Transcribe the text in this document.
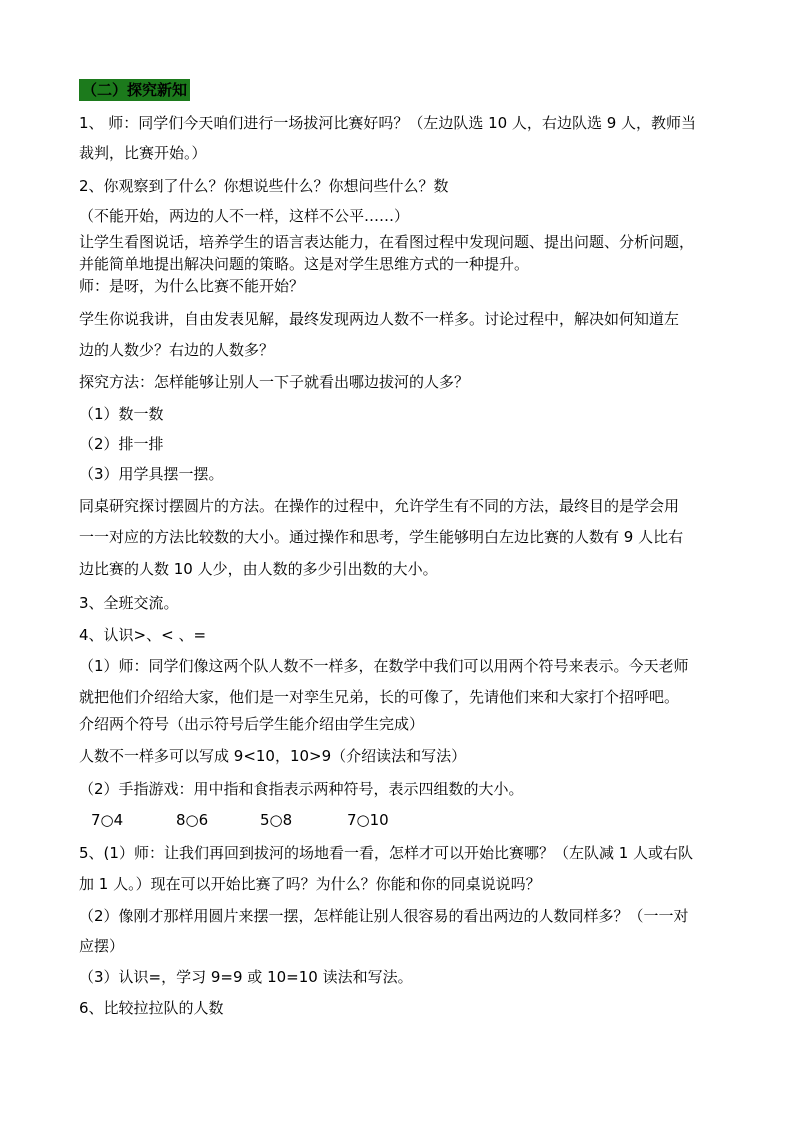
（二）探究新知
1、 师：同学们今天咱们进行一场拔河比赛好吗？（左边队选 10 人，右边队选 9 人，教师当
裁判，比赛开始。）
2、你观察到了什么？你想说些什么？你想问些什么？数
（不能开始，两边的人不一样，这样不公平……）
让学生看图说话，培养学生的语言表达能力，在看图过程中发现问题、提出问题、分析问题，
并能简单地提出解决问题的策略。这是对学生思维方式的一种提升。
师：是呀，为什么比赛不能开始？
学生你说我讲，自由发表见解，最终发现两边人数不一样多。讨论过程中，解决如何知道左
边的人数少？右边的人数多？
探究方法：怎样能够让别人一下子就看出哪边拔河的人多？
（1）数一数
（2）排一排
（3）用学具摆一摆。
同桌研究探讨摆圆片的方法。在操作的过程中，允许学生有不同的方法，最终目的是学会用
一一对应的方法比较数的大小。通过操作和思考，学生能够明白左边比赛的人数有 9 人比右
边比赛的人数 10 人少，由人数的多少引出数的大小。
3、全班交流。
4、认识>、< 、=
（1）师：同学们像这两个队人数不一样多，在数学中我们可以用两个符号来表示。今天老师
就把他们介绍给大家，他们是一对孪生兄弟，长的可像了，先请他们来和大家打个招呼吧。
介绍两个符号（出示符号后学生能介绍由学生完成）
人数不一样多可以写成 9<10，10>9（介绍读法和写法）
（2）手指游戏：用中指和食指表示两种符号，表示四组数的大小。
7○4	8○6	5○8	7○10
5、(1）师：让我们再回到拔河的场地看一看，怎样才可以开始比赛哪？（左队减 1 人或右队
加 1 人。）现在可以开始比赛了吗？为什么？你能和你的同桌说说吗？
（2）像刚才那样用圆片来摆一摆，怎样能让别人很容易的看出两边的人数同样多？（一一对
应摆）
（3）认识=，学习 9=9 或 10=10 读法和写法。
6、比较拉拉队的人数
